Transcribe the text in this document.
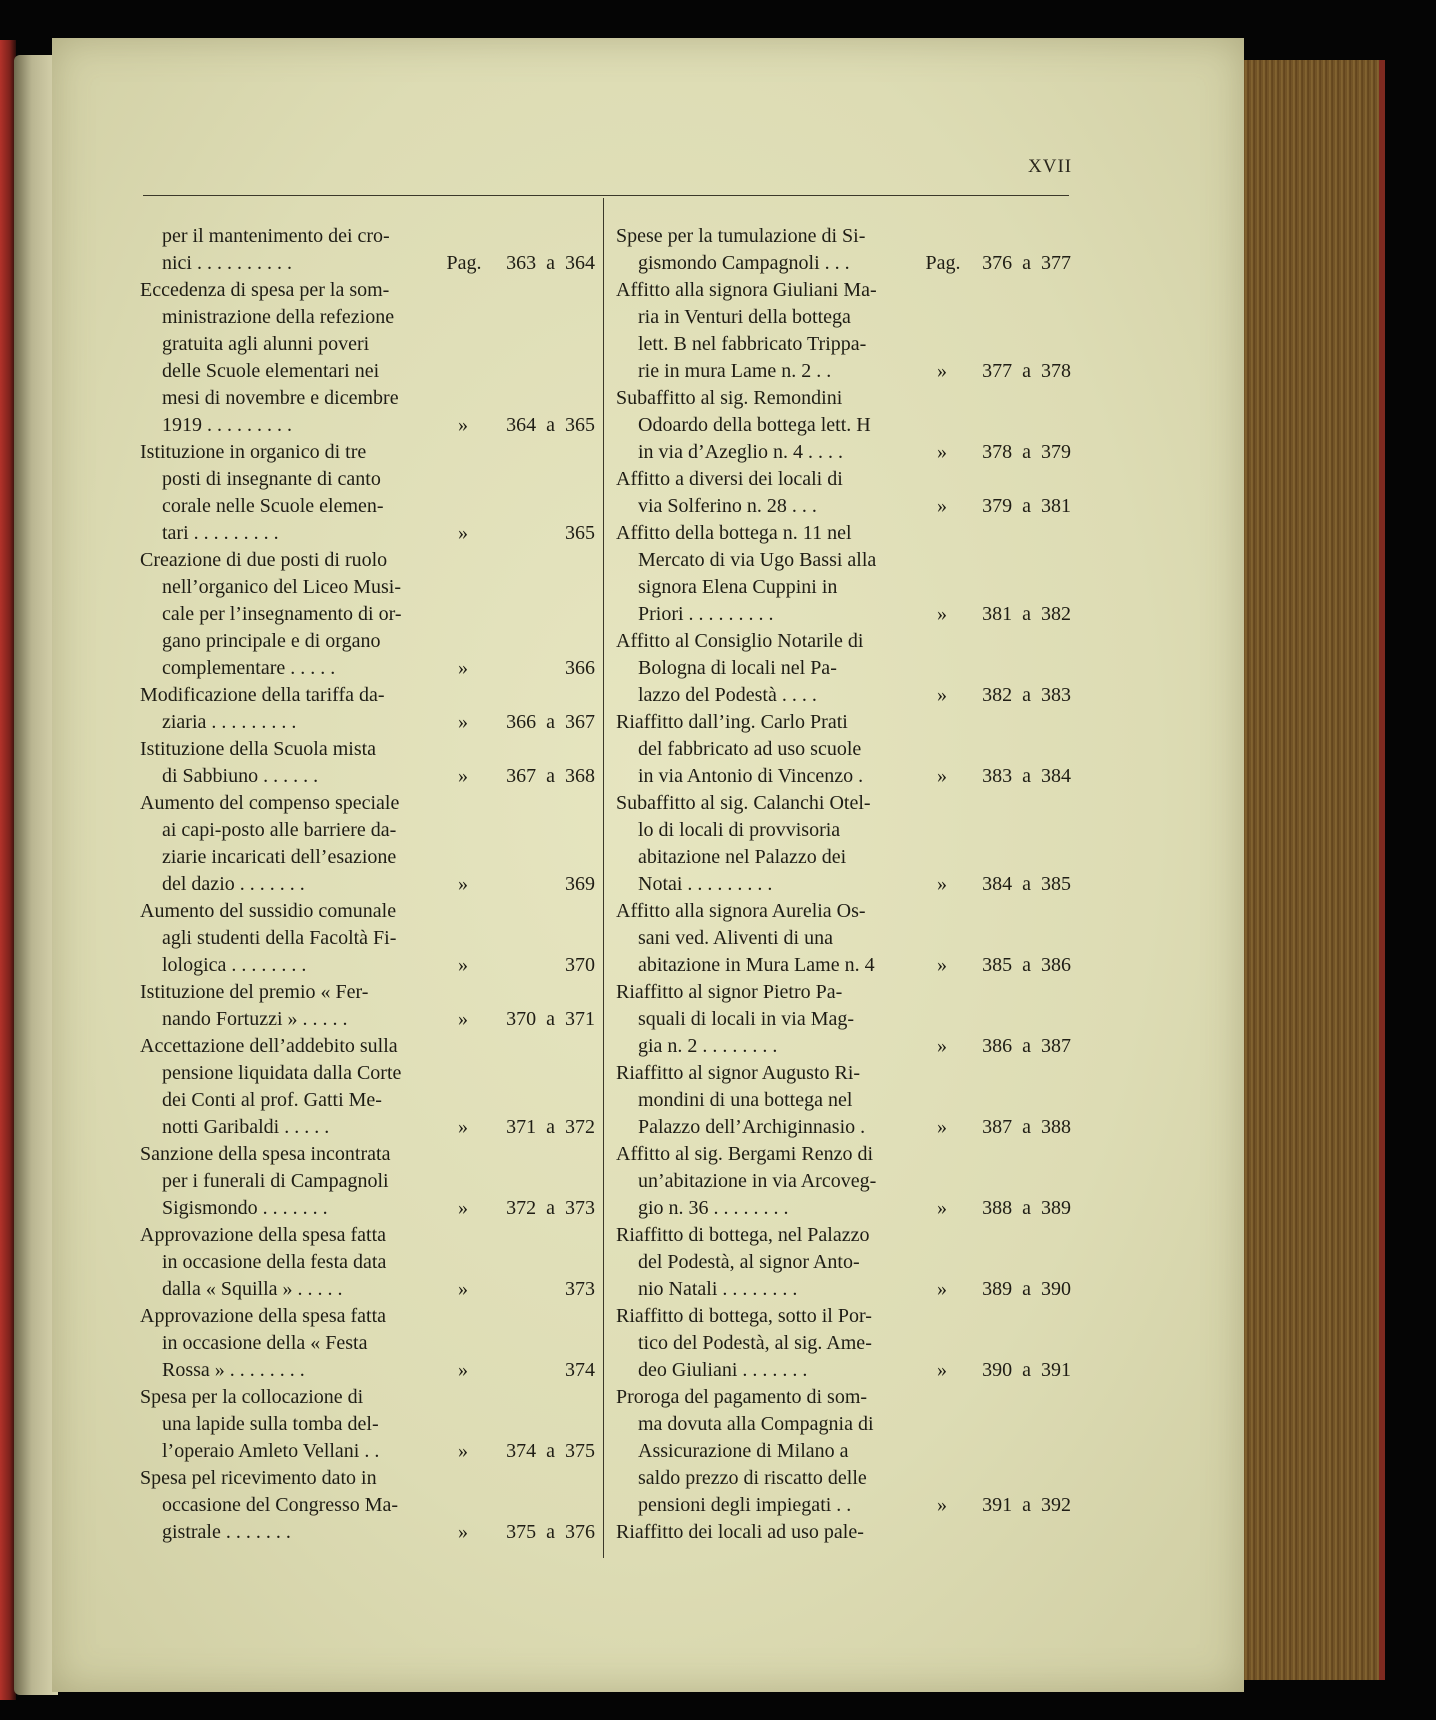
XVII
per il mantenimento dei cro-
nici . . . . . . . . . .	Pag. 363  a  364
Eccedenza di spesa per la som-
ministrazione della refezione
gratuita agli alunni poveri
delle Scuole elementari nei
mesi di novembre e dicembre
1919 . . . . . . . . .	» 364  a  365
Istituzione in organico di tre
posti di insegnante di canto
corale nelle Scuole elemen-
tari . . . . . . . . .	»	365
Creazione di due posti di ruolo
nell’organico del Liceo Musi-
cale per l’insegnamento di or-
gano principale e di organo
complementare . . . . .	»	366
Modificazione della tariffa da-
ziaria . . . . . . . . .	» 366  a  367
Istituzione della Scuola mista
di Sabbiuno . . . . . .	» 367  a  368
Aumento del compenso speciale
ai capi-posto alle barriere da-
ziarie incaricati dell’esazione
del dazio . . . . . . .	»	369
Aumento del sussidio comunale
agli studenti della Facoltà Fi-
lologica . . . . . . . .	»	370
Istituzione del premio « Fer-
nando Fortuzzi » . . . . .	» 370  a  371
Accettazione dell’addebito sulla
pensione liquidata dalla Corte
dei Conti al prof. Gatti Me-
notti Garibaldi . . . . .	» 371  a  372
Sanzione della spesa incontrata
per i funerali di Campagnoli
Sigismondo . . . . . . .	» 372  a  373
Approvazione della spesa fatta
in occasione della festa data
dalla « Squilla » . . . . .	»	373
Approvazione della spesa fatta
in occasione della « Festa
Rossa » . . . . . . . .	»	374
Spesa per la collocazione di
una lapide sulla tomba del-
l’operaio Amleto Vellani . .	» 374  a  375
Spesa pel ricevimento dato in
occasione del Congresso Ma-
gistrale . . . . . . .	» 375  a  376
Spese per la tumulazione di Si-
gismondo Campagnoli . . .	Pag. 376  a  377
Affitto alla signora Giuliani Ma-
ria in Venturi della bottega
lett. B nel fabbricato Trippa-
rie in mura Lame n. 2 . .	» 377  a  378
Subaffitto al sig. Remondini
Odoardo della bottega lett. H
in via d’Azeglio n. 4 . . . .	» 378  a  379
Affitto a diversi dei locali di
via Solferino n. 28 . . .	» 379  a  381
Affitto della bottega n. 11 nel
Mercato di via Ugo Bassi alla
signora Elena Cuppini in
Priori . . . . . . . . .	» 381  a  382
Affitto al Consiglio Notarile di
Bologna di locali nel Pa-
lazzo del Podestà . . . .	» 382  a  383
Riaffitto dall’ing. Carlo Prati
del fabbricato ad uso scuole
in via Antonio di Vincenzo .	» 383  a  384
Subaffitto al sig. Calanchi Otel-
lo di locali di provvisoria
abitazione nel Palazzo dei
Notai . . . . . . . . .	» 384  a  385
Affitto alla signora Aurelia Os-
sani ved. Aliventi di una
abitazione in Mura Lame n. 4	» 385  a  386
Riaffitto al signor Pietro Pa-
squali di locali in via Mag-
gia n. 2 . . . . . . . .	» 386  a  387
Riaffitto al signor Augusto Ri-
mondini di una bottega nel
Palazzo dell’Archiginnasio .	» 387  a  388
Affitto al sig. Bergami Renzo di
un’abitazione in via Arcoveg-
gio n. 36 . . . . . . . .	» 388  a  389
Riaffitto di bottega, nel Palazzo
del Podestà, al signor Anto-
nio Natali . . . . . . . .	» 389  a  390
Riaffitto di bottega, sotto il Por-
tico del Podestà, al sig. Ame-
deo Giuliani . . . . . . .	» 390  a  391
Proroga del pagamento di som-
ma dovuta alla Compagnia di
Assicurazione di Milano a
saldo prezzo di riscatto delle
pensioni degli impiegati . .	» 391  a  392
Riaffitto dei locali ad uso pale-
